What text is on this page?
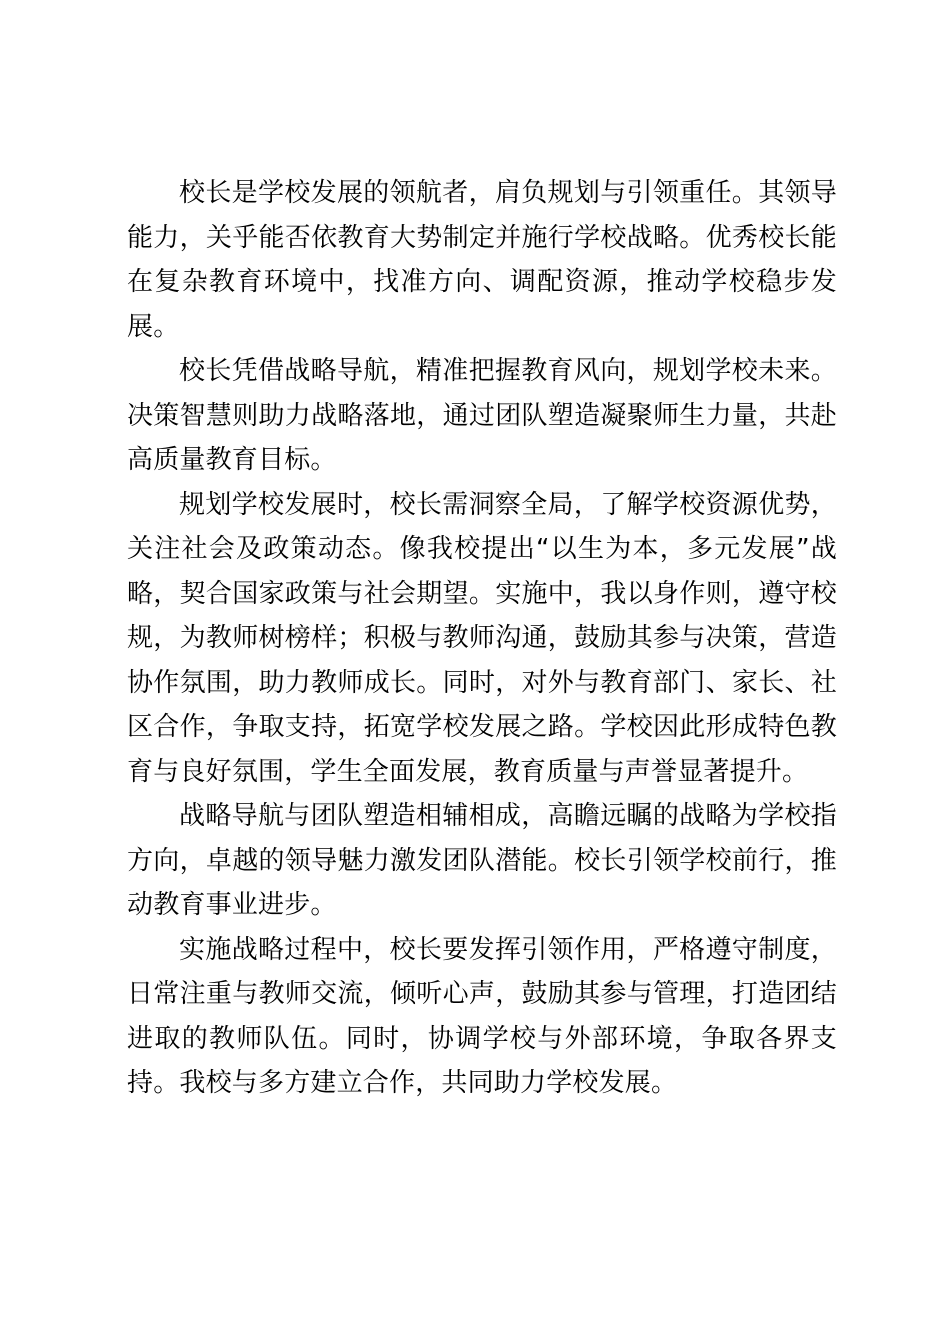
校长是学校发展的领航者，肩负规划与引领重任。其领导能力，关乎能否依教育大势制定并施行学校战略。优秀校长能在复杂教育环境中，找准方向、调配资源，推动学校稳步发展。

校长凭借战略导航，精准把握教育风向，规划学校未来。决策智慧则助力战略落地，通过团队塑造凝聚师生力量，共赴高质量教育目标。

规划学校发展时，校长需洞察全局，了解学校资源优势，关注社会及政策动态。像我校提出“以生为本，多元发展”战略，契合国家政策与社会期望。实施中，我以身作则，遵守校规，为教师树榜样；积极与教师沟通，鼓励其参与决策，营造协作氛围，助力教师成长。同时，对外与教育部门、家长、社区合作，争取支持，拓宽学校发展之路。学校因此形成特色教育与良好氛围，学生全面发展，教育质量与声誉显著提升。

战略导航与团队塑造相辅相成，高瞻远瞩的战略为学校指方向，卓越的领导魅力激发团队潜能。校长引领学校前行，推动教育事业进步。

实施战略过程中，校长要发挥引领作用，严格遵守制度，日常注重与教师交流，倾听心声，鼓励其参与管理，打造团结进取的教师队伍。同时，协调学校与外部环境，争取各界支持。我校与多方建立合作，共同助力学校发展。
